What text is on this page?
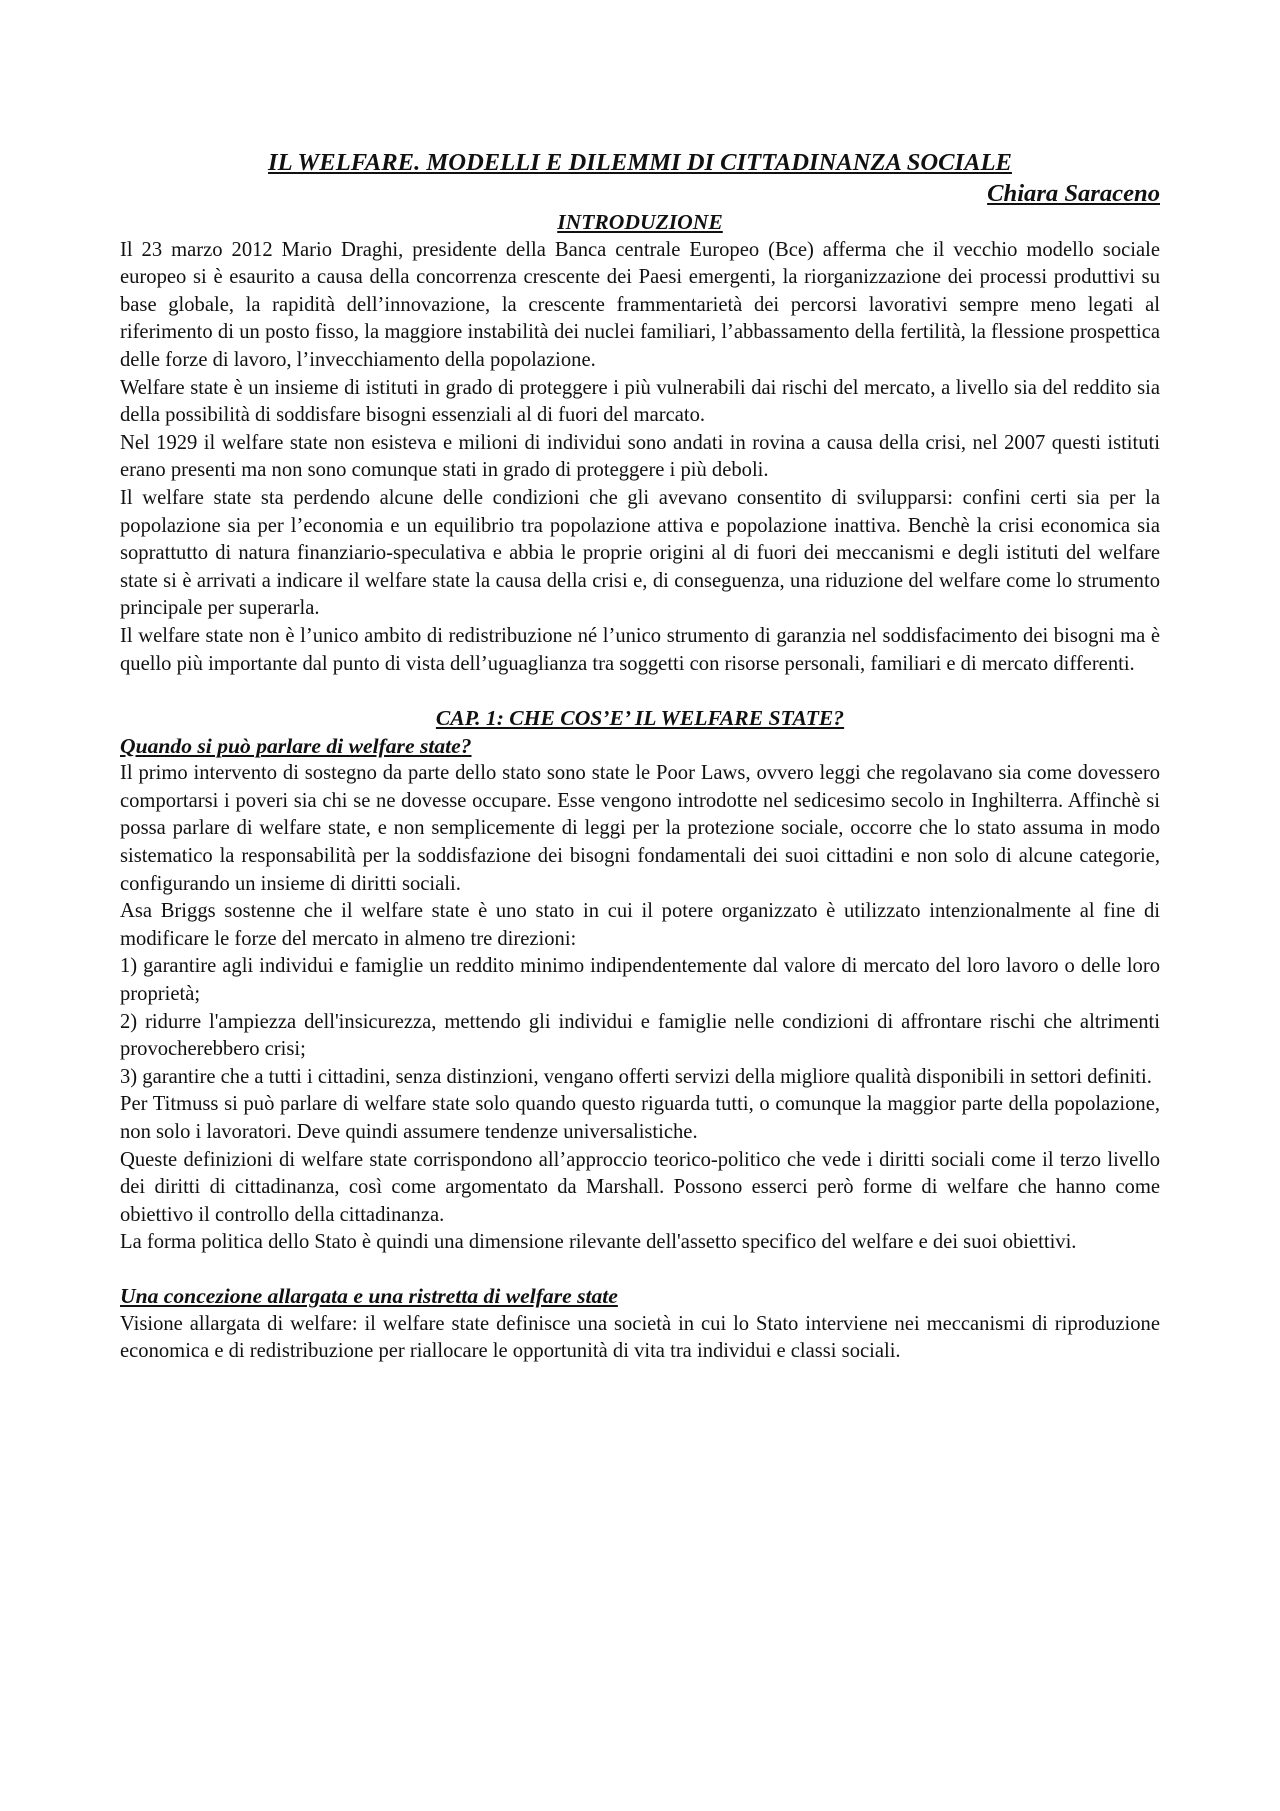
IL WELFARE. MODELLI E DILEMMI DI CITTADINANZA SOCIALE
Chiara Saraceno
INTRODUZIONE

Il 23 marzo 2012 Mario Draghi, presidente della Banca centrale Europeo (Bce) afferma che il vecchio modello sociale europeo si è esaurito a causa della concorrenza crescente dei Paesi emergenti, la riorganizzazione dei processi produttivi su base globale, la rapidità dell’innovazione, la crescente frammentarietà dei percorsi lavorativi sempre meno legati al riferimento di un posto fisso, la maggiore instabilità dei nuclei familiari, l’abbassamento della fertilità, la flessione prospettica delle forze di lavoro, l’invecchiamento della popolazione.

Welfare state è un insieme di istituti in grado di proteggere i più vulnerabili dai rischi del mercato, a livello sia del reddito sia della possibilità di soddisfare bisogni essenziali al di fuori del marcato.

Nel 1929 il welfare state non esisteva e milioni di individui sono andati in rovina a causa della crisi, nel 2007 questi istituti erano presenti ma non sono comunque stati in grado di proteggere i più deboli.

Il welfare state sta perdendo alcune delle condizioni che gli avevano consentito di svilupparsi: confini certi sia per la popolazione sia per l’economia e un equilibrio tra popolazione attiva e popolazione inattiva. Benchè la crisi economica sia soprattutto di natura finanziario-speculativa e abbia le proprie origini al di fuori dei meccanismi e degli istituti del welfare state si è arrivati a indicare il welfare state la causa della crisi e, di conseguenza, una riduzione del welfare come lo strumento principale per superarla.

Il welfare state non è l’unico ambito di redistribuzione né l’unico strumento di garanzia nel soddisfacimento dei bisogni ma è quello più importante dal punto di vista dell’uguaglianza tra soggetti con risorse personali, familiari e di mercato differenti.

CAP. 1: CHE COS’E’ IL WELFARE STATE?
Quando si può parlare di welfare state?

Il primo intervento di sostegno da parte dello stato sono state le Poor Laws, ovvero leggi che regolavano sia come dovessero comportarsi i poveri sia chi se ne dovesse occupare. Esse vengono introdotte nel sedicesimo secolo in Inghilterra. Affinchè si possa parlare di welfare state, e non semplicemente di leggi per la protezione sociale, occorre che lo stato assuma in modo sistematico la responsabilità per la soddisfazione dei bisogni fondamentali dei suoi cittadini e non solo di alcune categorie, configurando un insieme di diritti sociali.

Asa Briggs sostenne che il welfare state è uno stato in cui il potere organizzato è utilizzato intenzionalmente al fine di modificare le forze del mercato in almeno tre direzioni:

1) garantire agli individui e famiglie un reddito minimo indipendentemente dal valore di mercato del loro lavoro o delle loro proprietà;

2) ridurre l'ampiezza dell'insicurezza, mettendo gli individui e famiglie nelle condizioni di affrontare rischi che altrimenti provocherebbero crisi;

3) garantire che a tutti i cittadini, senza distinzioni, vengano offerti servizi della migliore qualità disponibili in settori definiti.

Per Titmuss si può parlare di welfare state solo quando questo riguarda tutti, o comunque la maggior parte della popolazione, non solo i lavoratori. Deve quindi assumere tendenze universalistiche.

Queste definizioni di welfare state corrispondono all’approccio teorico-politico che vede i diritti sociali come il terzo livello dei diritti di cittadinanza, così come argomentato da Marshall. Possono esserci però forme di welfare che hanno come obiettivo il controllo della cittadinanza.

La forma politica dello Stato è quindi una dimensione rilevante dell'assetto specifico del welfare e dei suoi obiettivi.

Una concezione allargata e una ristretta di welfare state

Visione allargata di welfare: il welfare state definisce una società in cui lo Stato interviene nei meccanismi di riproduzione economica e di redistribuzione per riallocare le opportunità di vita tra individui e classi sociali.
